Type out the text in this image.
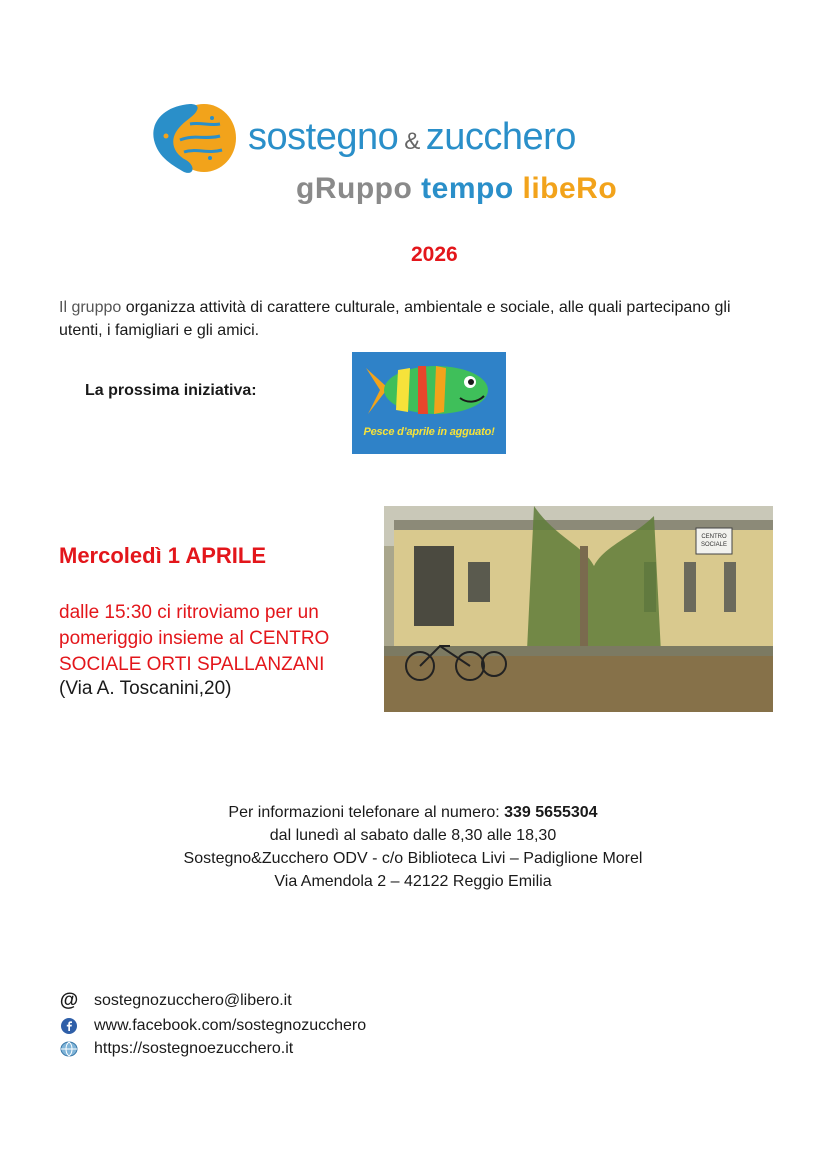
sostegno & zucchero
gRuppo tempo libeRo
2026
Il gruppo organizza attività di carattere culturale, ambientale e sociale, alle quali partecipano gli utenti, i famigliari e gli amici.
La prossima iniziativa:
Pesce d’aprile in agguato!
Mercoledì 1 APRILE
dalle 15:30 ci ritroviamo per un pomeriggio insieme al CENTRO SOCIALE ORTI SPALLANZANI
(Via A. Toscanini,20)
CENTRO
SOCIALE
Per informazioni telefonare al numero: 339 5655304
dal lunedì al sabato dalle 8,30 alle 18,30
Sostegno&Zucchero ODV - c/o Biblioteca Livi – Padiglione Morel
Via Amendola 2 – 42122 Reggio Emilia
@ sostegnozucchero@libero.it
www.facebook.com/sostegnozucchero
https://sostegnoezucchero.it
